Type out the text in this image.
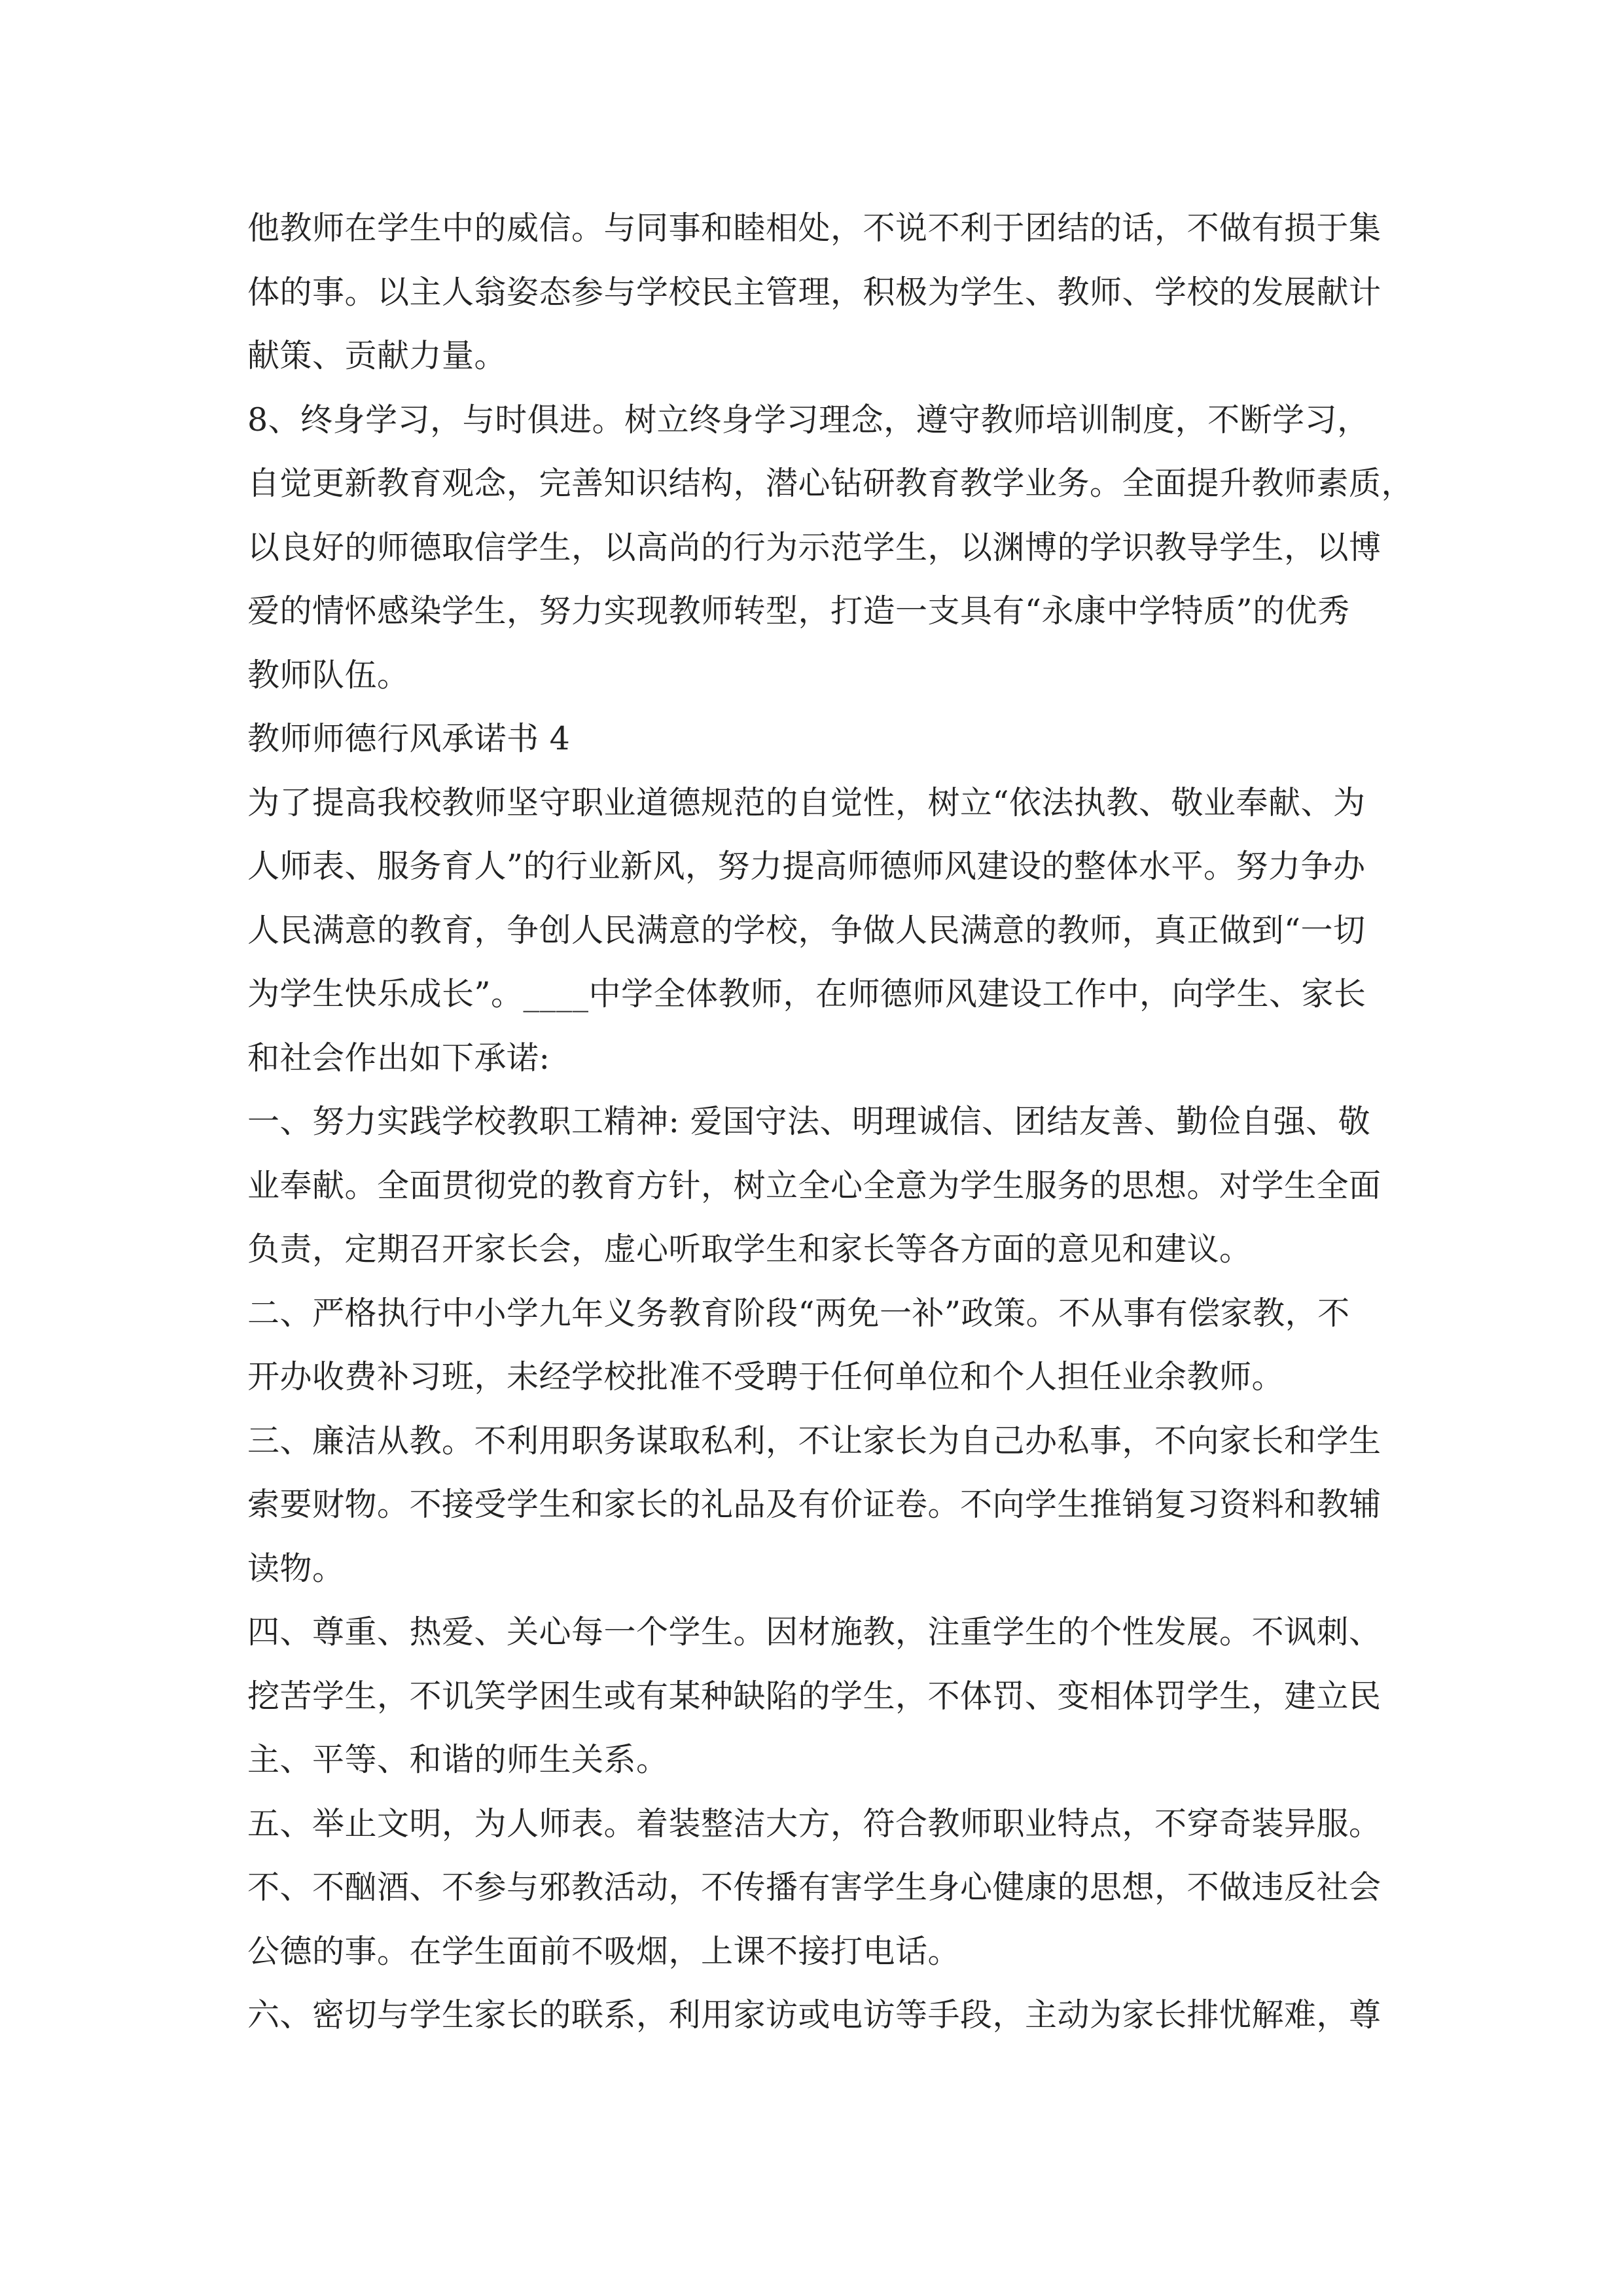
他教师在学生中的威信。与同事和睦相处，不说不利于团结的话，不做有损于集
体的事。以主人翁姿态参与学校民主管理，积极为学生、教师、学校的发展献计
献策、贡献力量。
8、终身学习，与时俱进。树立终身学习理念，遵守教师培训制度，不断学习，
自觉更新教育观念，完善知识结构，潜心钻研教育教学业务。全面提升教师素质，
以良好的师德取信学生，以高尚的行为示范学生，以渊博的学识教导学生，以博
爱的情怀感染学生，努力实现教师转型，打造一支具有“永康中学特质”的优秀
教师队伍。
教师师德行风承诺书 4
为了提高我校教师坚守职业道德规范的自觉性，树立“依法执教、敬业奉献、为
人师表、服务育人”的行业新风，努力提高师德师风建设的整体水平。努力争办
人民满意的教育，争创人民满意的学校，争做人民满意的教师，真正做到“一切
为学生快乐成长”。____中学全体教师，在师德师风建设工作中，向学生、家长
和社会作出如下承诺:
一、努力实践学校教职工精神: 爱国守法、明理诚信、团结友善、勤俭自强、敬
业奉献。全面贯彻党的教育方针，树立全心全意为学生服务的思想。对学生全面
负责，定期召开家长会，虚心听取学生和家长等各方面的意见和建议。
二、严格执行中小学九年义务教育阶段“两免一补”政策。不从事有偿家教，不
开办收费补习班，未经学校批准不受聘于任何单位和个人担任业余教师。
三、廉洁从教。不利用职务谋取私利，不让家长为自己办私事，不向家长和学生
索要财物。不接受学生和家长的礼品及有价证卷。不向学生推销复习资料和教辅
读物。
四、尊重、热爱、关心每一个学生。因材施教，注重学生的个性发展。不讽刺、
挖苦学生，不讥笑学困生或有某种缺陷的学生，不体罚、变相体罚学生，建立民
主、平等、和谐的师生关系。
五、举止文明，为人师表。着装整洁大方，符合教师职业特点，不穿奇装异服。
不、不酗酒、不参与邪教活动，不传播有害学生身心健康的思想，不做违反社会
公德的事。在学生面前不吸烟，上课不接打电话。
六、密切与学生家长的联系，利用家访或电访等手段，主动为家长排忧解难，尊
